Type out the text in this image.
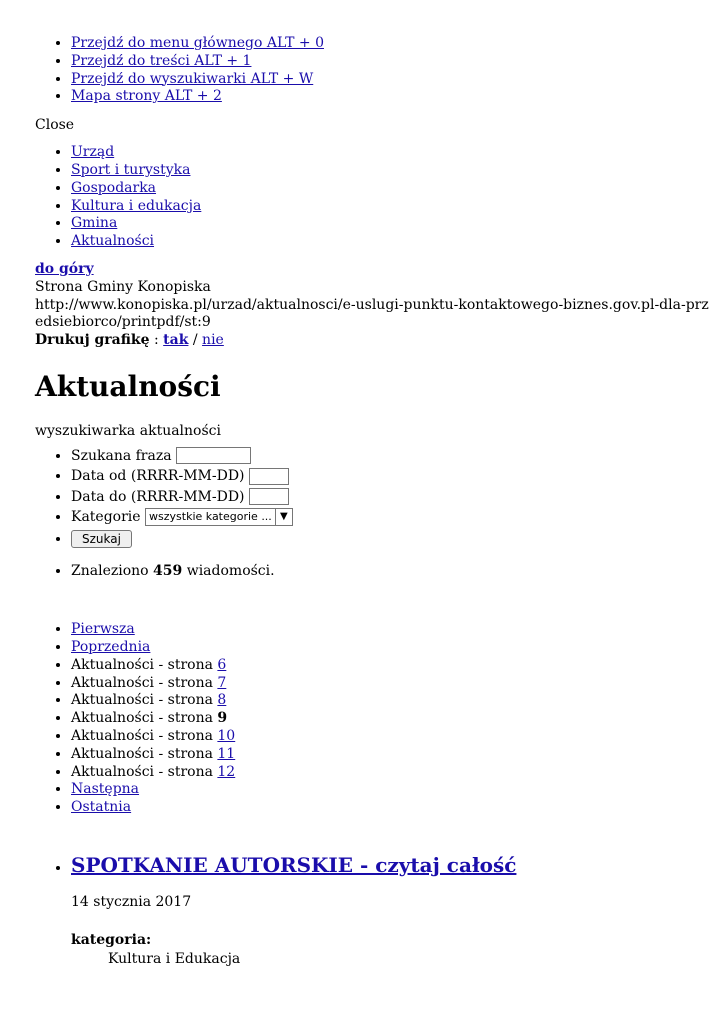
• Przejdź do menu głównego ALT + 0
• Przejdź do treści ALT + 1
• Przejdź do wyszukiwarki ALT + W
• Mapa strony ALT + 2
Close
• Urząd
• Sport i turystyka
• Gospodarka
• Kultura i edukacja
• Gmina
• Aktualności
do góry
Strona Gminy Konopiska
http://www.konopiska.pl/urzad/aktualnosci/e-uslugi-punktu-kontaktowego-biznes.gov.pl-dla-przedsiebiorco/printpdf/st:9
Drukuj grafikę : tak / nie
Aktualności
wyszukiwarka aktualności
• Szukana fraza
• Data od (RRRR-MM-DD)
• Data do (RRRR-MM-DD)
• Kategorie wszystkie kategorie ... ▼
• Szukaj
• Znaleziono 459 wiadomości.
• Pierwsza
• Poprzednia
• Aktualności - strona 6
• Aktualności - strona 7
• Aktualności - strona 8
• Aktualności - strona 9
• Aktualności - strona 10
• Aktualności - strona 11
• Aktualności - strona 12
• Następna
• Ostatnia
• SPOTKANIE AUTORSKIE - czytaj całość

14 stycznia 2017

kategoria:
Kultura i Edukacja
